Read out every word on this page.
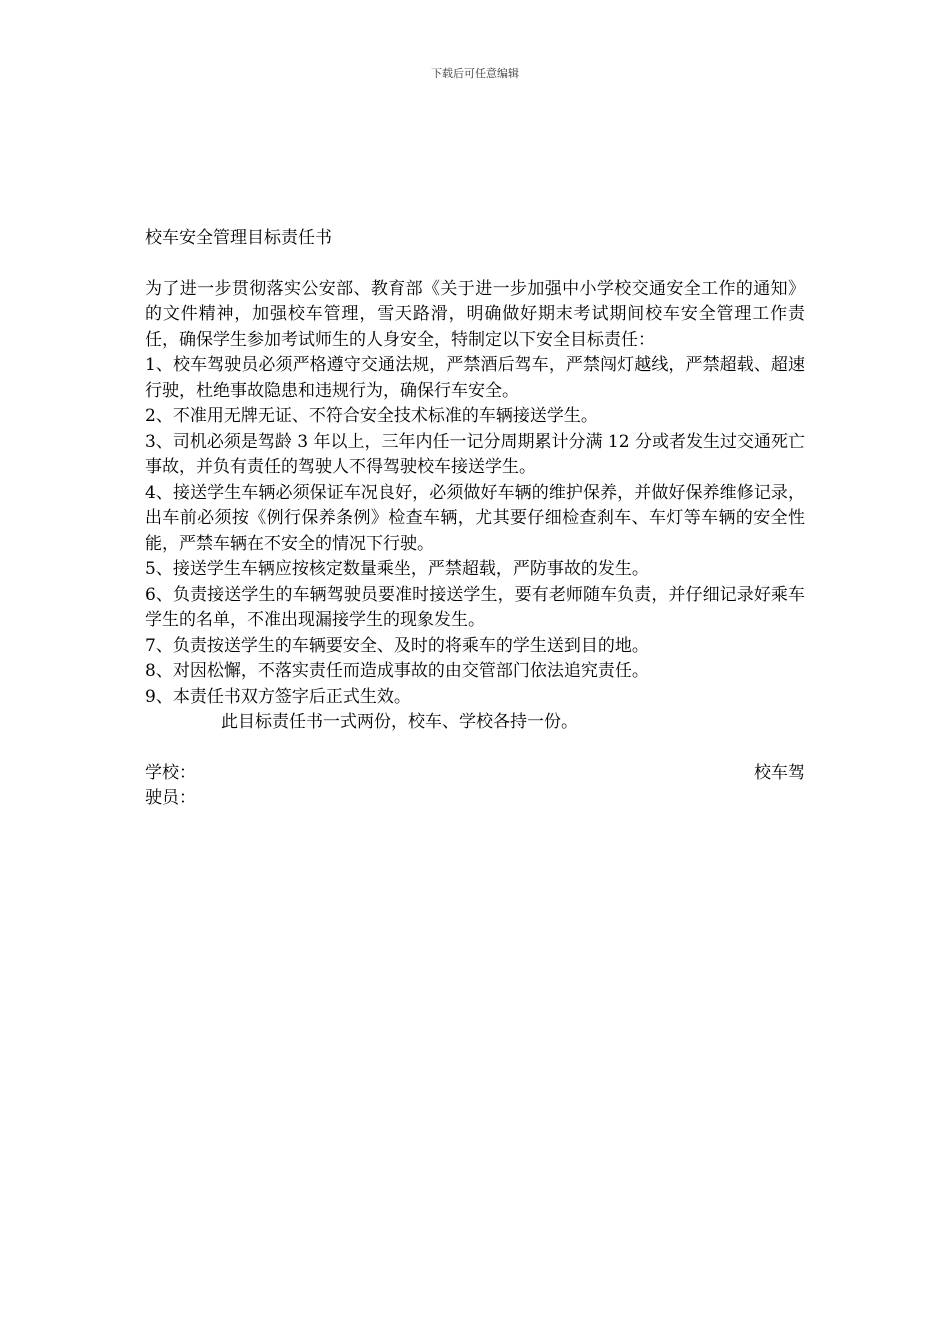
下载后可任意编辑
校车安全管理目标责任书

为了进一步贯彻落实公安部、教育部《关于进一步加强中小学校交通安全工作的通知》的文件精神，加强校车管理，雪天路滑，明确做好期末考试期间校车安全管理工作责任，确保学生参加考试师生的人身安全，特制定以下安全目标责任：

1、校车驾驶员必须严格遵守交通法规，严禁酒后驾车，严禁闯灯越线，严禁超载、超速行驶，杜绝事故隐患和违规行为，确保行车安全。

2、不准用无牌无证、不符合安全技术标准的车辆接送学生。

3、司机必须是驾龄 3 年以上，三年内任一记分周期累计分满 12 分或者发生过交通死亡事故，并负有责任的驾驶人不得驾驶校车接送学生。

4、接送学生车辆必须保证车况良好，必须做好车辆的维护保养，并做好保养维修记录，出车前必须按《例行保养条例》检查车辆，尤其要仔细检查刹车、车灯等车辆的安全性能，严禁车辆在不安全的情况下行驶。

5、接送学生车辆应按核定数量乘坐，严禁超载，严防事故的发生。

6、负责接送学生的车辆驾驶员要准时接送学生，要有老师随车负责，并仔细记录好乘车学生的名单，不准出现漏接学生的现象发生。

7、负责按送学生的车辆要安全、及时的将乘车的学生送到目的地。

8、对因松懈，不落实责任而造成事故的由交管部门依法追究责任。

9、本责任书双方签字后正式生效。

此目标责任书一式两份，校车、学校各持一份。

学校：	校车驾
驶员：
